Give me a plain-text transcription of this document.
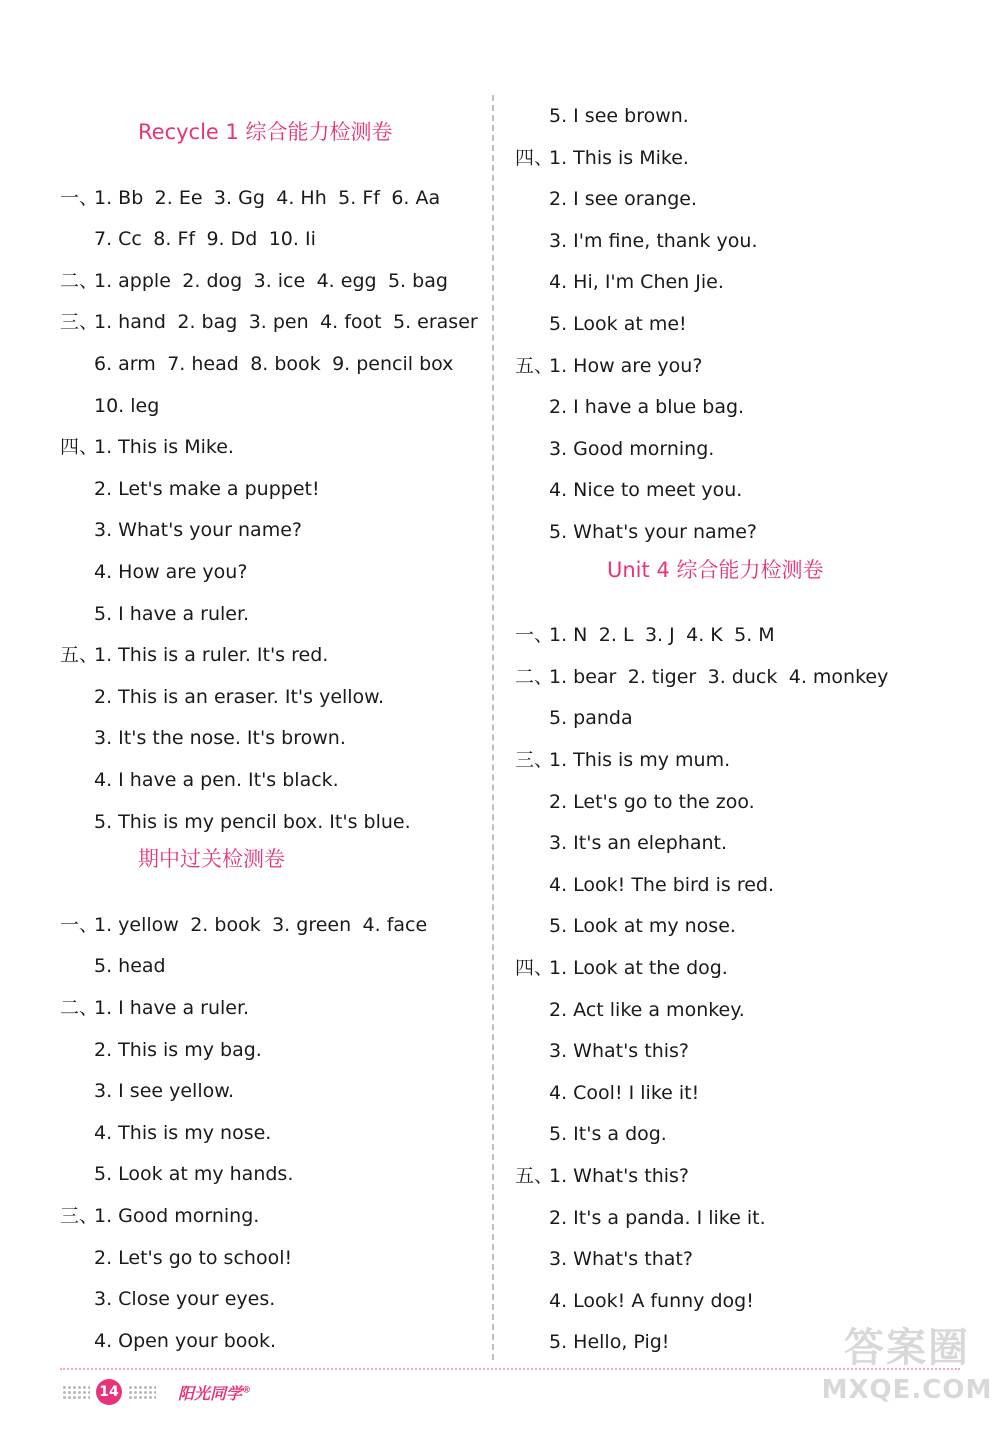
Recycle 1 综合能力检测卷
一、1. Bb 2. Ee 3. Gg 4. Hh 5. Ff 6. Aa
7. Cc 8. Ff 9. Dd 10. Ii
二、1. apple 2. dog 3. ice 4. egg 5. bag
三、1. hand 2. bag 3. pen 4. foot 5. eraser
6. arm 7. head 8. book 9. pencil box
10. leg
四、1. This is Mike.
2. Let's make a puppet!
3. What's your name?
4. How are you?
5. I have a ruler.
五、1. This is a ruler. It's red.
2. This is an eraser. It's yellow.
3. It's the nose. It's brown.
4. I have a pen. It's black.
5. This is my pencil box. It's blue.
期中过关检测卷
一、1. yellow 2. book 3. green 4. face
5. head
二、1. I have a ruler.
2. This is my bag.
3. I see yellow.
4. This is my nose.
5. Look at my hands.
三、1. Good morning.
2. Let's go to school!
3. Close your eyes.
4. Open your book.
5. I see brown.
四、1. This is Mike.
2. I see orange.
3. I'm fine, thank you.
4. Hi, I'm Chen Jie.
5. Look at me!
五、1. How are you?
2. I have a blue bag.
3. Good morning.
4. Nice to meet you.
5. What's your name?
Unit 4 综合能力检测卷
一、1. N 2. L 3. J 4. K 5. M
二、1. bear 2. tiger 3. duck 4. monkey
5. panda
三、1. This is my mum.
2. Let's go to the zoo.
3. It's an elephant.
4. Look! The bird is red.
5. Look at my nose.
四、1. Look at the dog.
2. Act like a monkey.
3. What's this?
4. Cool! I like it!
5. It's a dog.
五、1. What's this?
2. It's a panda. I like it.
3. What's that?
4. Look! A funny dog!
5. Hello, Pig!
14	阳光同学®
答案圈
MXQE.COM
